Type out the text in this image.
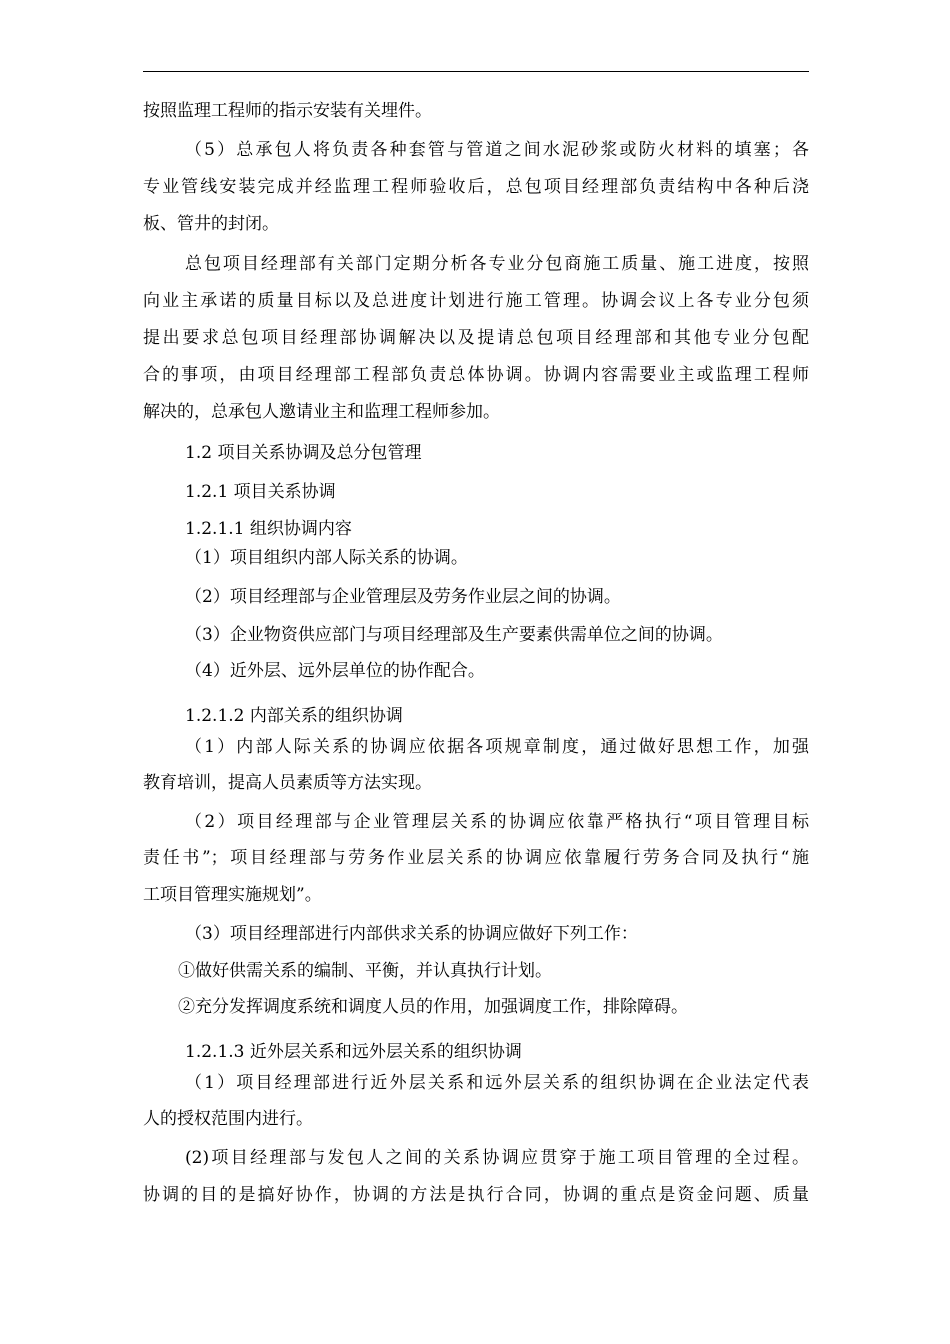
按照监理工程师的指示安装有关埋件。
（5）总承包人将负责各种套管与管道之间水泥砂浆或防火材料的填塞；各
专业管线安装完成并经监理工程师验收后，总包项目经理部负责结构中各种后浇
板、管井的封闭。
总包项目经理部有关部门定期分析各专业分包商施工质量、施工进度，按照
向业主承诺的质量目标以及总进度计划进行施工管理。协调会议上各专业分包须
提出要求总包项目经理部协调解决以及提请总包项目经理部和其他专业分包配
合的事项，由项目经理部工程部负责总体协调。协调内容需要业主或监理工程师
解决的，总承包人邀请业主和监理工程师参加。
1.2 项目关系协调及总分包管理
1.2.1 项目关系协调
1.2.1.1 组织协调内容
（1）项目组织内部人际关系的协调。
（2）项目经理部与企业管理层及劳务作业层之间的协调。
（3）企业物资供应部门与项目经理部及生产要素供需单位之间的协调。
（4）近外层、远外层单位的协作配合。
1.2.1.2 内部关系的组织协调
（1）内部人际关系的协调应依据各项规章制度，通过做好思想工作，加强
教育培训，提高人员素质等方法实现。
（2）项目经理部与企业管理层关系的协调应依靠严格执行“项目管理目标
责任书”；项目经理部与劳务作业层关系的协调应依靠履行劳务合同及执行“施
工项目管理实施规划”。
（3）项目经理部进行内部供求关系的协调应做好下列工作：
①做好供需关系的编制、平衡，并认真执行计划。
②充分发挥调度系统和调度人员的作用，加强调度工作，排除障碍。
1.2.1.3 近外层关系和远外层关系的组织协调
（1）项目经理部进行近外层关系和远外层关系的组织协调在企业法定代表
人的授权范围内进行。
(2)项目经理部与发包人之间的关系协调应贯穿于施工项目管理的全过程。
协调的目的是搞好协作，协调的方法是执行合同，协调的重点是资金问题、质量
